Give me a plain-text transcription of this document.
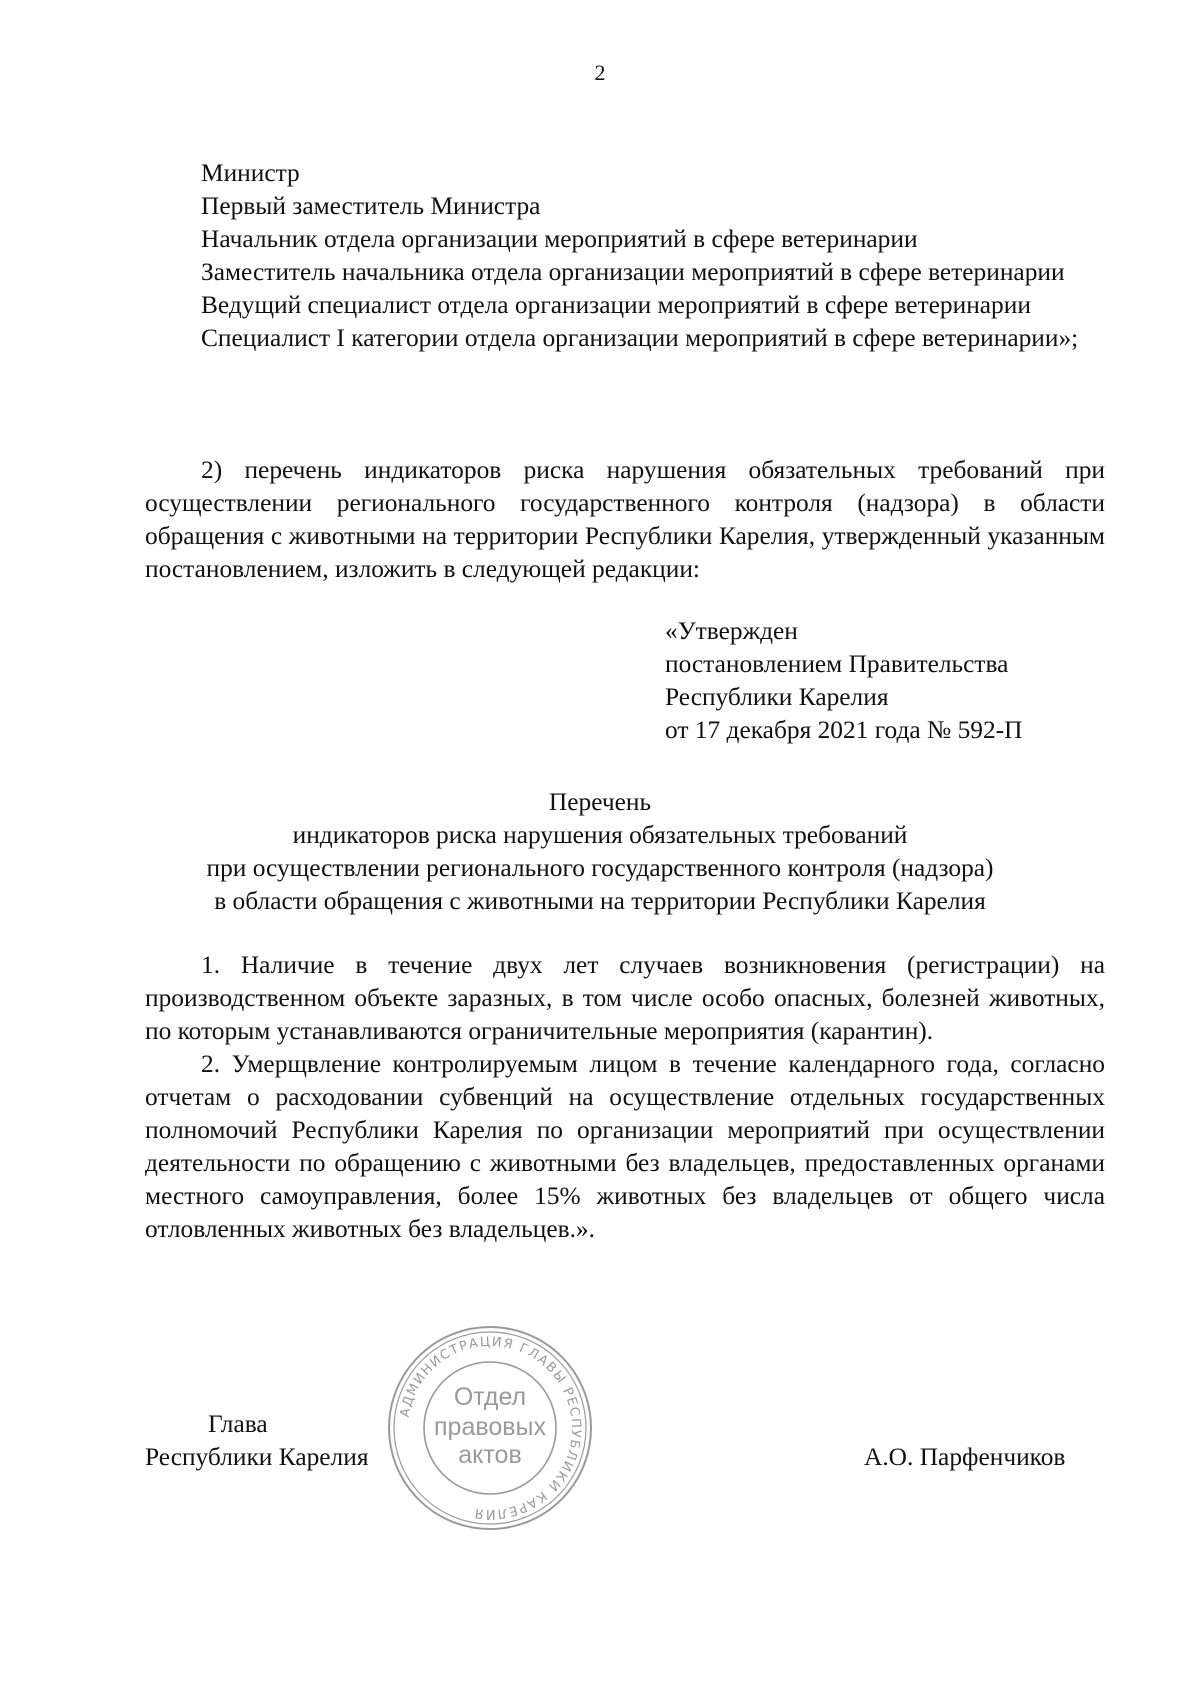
2

Министр

Первый заместитель Министра

Начальник отдела организации мероприятий в сфере ветеринарии

Заместитель начальника отдела организации мероприятий в сфере ветеринарии

Ведущий специалист отдела организации мероприятий в сфере ветеринарии

Специалист I категории отдела организации мероприятий в сфере ветеринарии»;

2) перечень индикаторов риска нарушения обязательных требований при осуществлении регионального государственного контроля (надзора) в области обращения с животными на территории Республики Карелия, утвержденный указанным постановлением, изложить в следующей редакции:

«Утвержден
постановлением Правительства
Республики Карелия
от 17 декабря 2021 года № 592-П
Перечень
индикаторов риска нарушения обязательных требований
при осуществлении регионального государственного контроля (надзора)
в области обращения с животными на территории Республики Карелия

1. Наличие в течение двух лет случаев возникновения (регистрации) на производственном объекте заразных, в том числе особо опасных, болезней животных, по которым устанавливаются ограничительные мероприятия (карантин).

2. Умерщвление контролируемым лицом в течение календарного года, согласно отчетам о расходовании субвенций на осуществление отдельных государственных полномочий Республики Карелия по организации мероприятий при осуществлении деятельности по обращению с животными без владельцев, предоставленных органами местного самоуправления, более 15% животных без владельцев от общего числа отловленных животных без владельцев.».

Глава
Республики Карелия	А.О. Парфенчиков
АДМИНИСТРАЦИЯ ГЛАВЫ РЕСПУБЛИКИ КАРЕЛИЯ
Отдел
правовых
актов
